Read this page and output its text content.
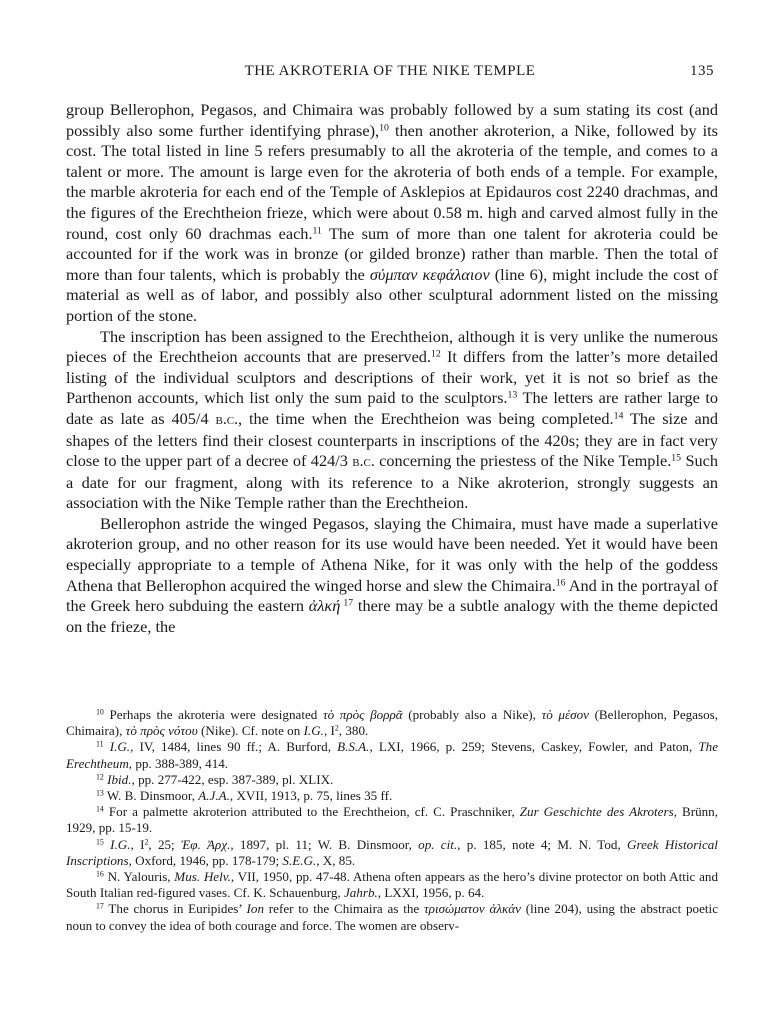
THE AKROTERIA OF THE NIKE TEMPLE	135

group Bellerophon, Pegasos, and Chimaira was probably followed by a sum stating its cost (and possibly also some further identifying phrase),$^{10}$ then another akroterion, a Nike, followed by its cost. The total listed in line 5 refers presumably to all the akroteria of the temple, and comes to a talent or more. The amount is large even for the akroteria of both ends of a temple. For example, the marble akroteria for each end of the Temple of Asklepios at Epidauros cost 2240 drachmas, and the figures of the Erechtheion frieze, which were about 0.58 m. high and carved almost fully in the round, cost only 60 drachmas each.$^{11}$ The sum of more than one talent for akroteria could be accounted for if the work was in bronze (or gilded bronze) rather than marble. Then the total of more than four talents, which is probably the σύμπαν κεφάλαιον (line 6), might include the cost of material as well as of labor, and possibly also other sculptural adornment listed on the missing portion of the stone.

The inscription has been assigned to the Erechtheion, although it is very unlike the numerous pieces of the Erechtheion accounts that are preserved.$^{12}$ It differs from the latter’s more detailed listing of the individual sculptors and descriptions of their work, yet it is not so brief as the Parthenon accounts, which list only the sum paid to the sculptors.$^{13}$ The letters are rather large to date as late as 405/4 b.c., the time when the Erechtheion was being completed.$^{14}$ The size and shapes of the letters find their closest counterparts in inscriptions of the 420s; they are in fact very close to the upper part of a decree of 424/3 b.c. concerning the priestess of the Nike Temple.$^{15}$ Such a date for our fragment, along with its reference to a Nike akroterion, strongly suggests an association with the Nike Temple rather than the Erechtheion.

Bellerophon astride the winged Pegasos, slaying the Chimaira, must have made a superlative akroterion group, and no other reason for its use would have been needed. Yet it would have been especially appropriate to a temple of Athena Nike, for it was only with the help of the goddess Athena that Bellerophon acquired the winged horse and slew the Chimaira.$^{16}$ And in the portrayal of the Greek hero subduing the eastern ἀλκή $^{17}$ there may be a subtle analogy with the theme depicted on the frieze, the

$^{10}$ Perhaps the akroteria were designated τὸ πρὸς βορρᾶ (probably also a Nike), τὸ μέσον (Bellerophon, Pegasos, Chimaira), τὸ πρὸς νότου (Nike). Cf. note on I.G., $I^2$, 380.

$^{11}$ I.G., IV, 1484, lines 90 ff.; A. Burford, B.S.A., LXI, 1966, p. 259; Stevens, Caskey, Fowler, and Paton, The Erechtheum, pp. 388-389, 414.

$^{12}$ Ibid., pp. 277-422, esp. 387-389, pl. XLIX.

$^{13}$ W. B. Dinsmoor, A.J.A., XVII, 1913, p. 75, lines 35 ff.

$^{14}$ For a palmette akroterion attributed to the Erechtheion, cf. C. Praschniker, Zur Geschichte des Akroters, Brünn, 1929, pp. 15-19.

$^{15}$ I.G., $I^2$, 25; Ἐφ. Ἀρχ., 1897, pl. 11; W. B. Dinsmoor, op. cit., p. 185, note 4; M. N. Tod, Greek Historical Inscriptions, Oxford, 1946, pp. 178-179; S.E.G., X, 85.

$^{16}$ N. Yalouris, Mus. Helv., VII, 1950, pp. 47-48. Athena often appears as the hero’s divine protector on both Attic and South Italian red-figured vases. Cf. K. Schauenburg, Jahrb., LXXI, 1956, p. 64.

$^{17}$ The chorus in Euripides’ Ion refer to the Chimaira as the τρισώματον ἀλκάν (line 204), using the abstract poetic noun to convey the idea of both courage and force. The women are observ-
